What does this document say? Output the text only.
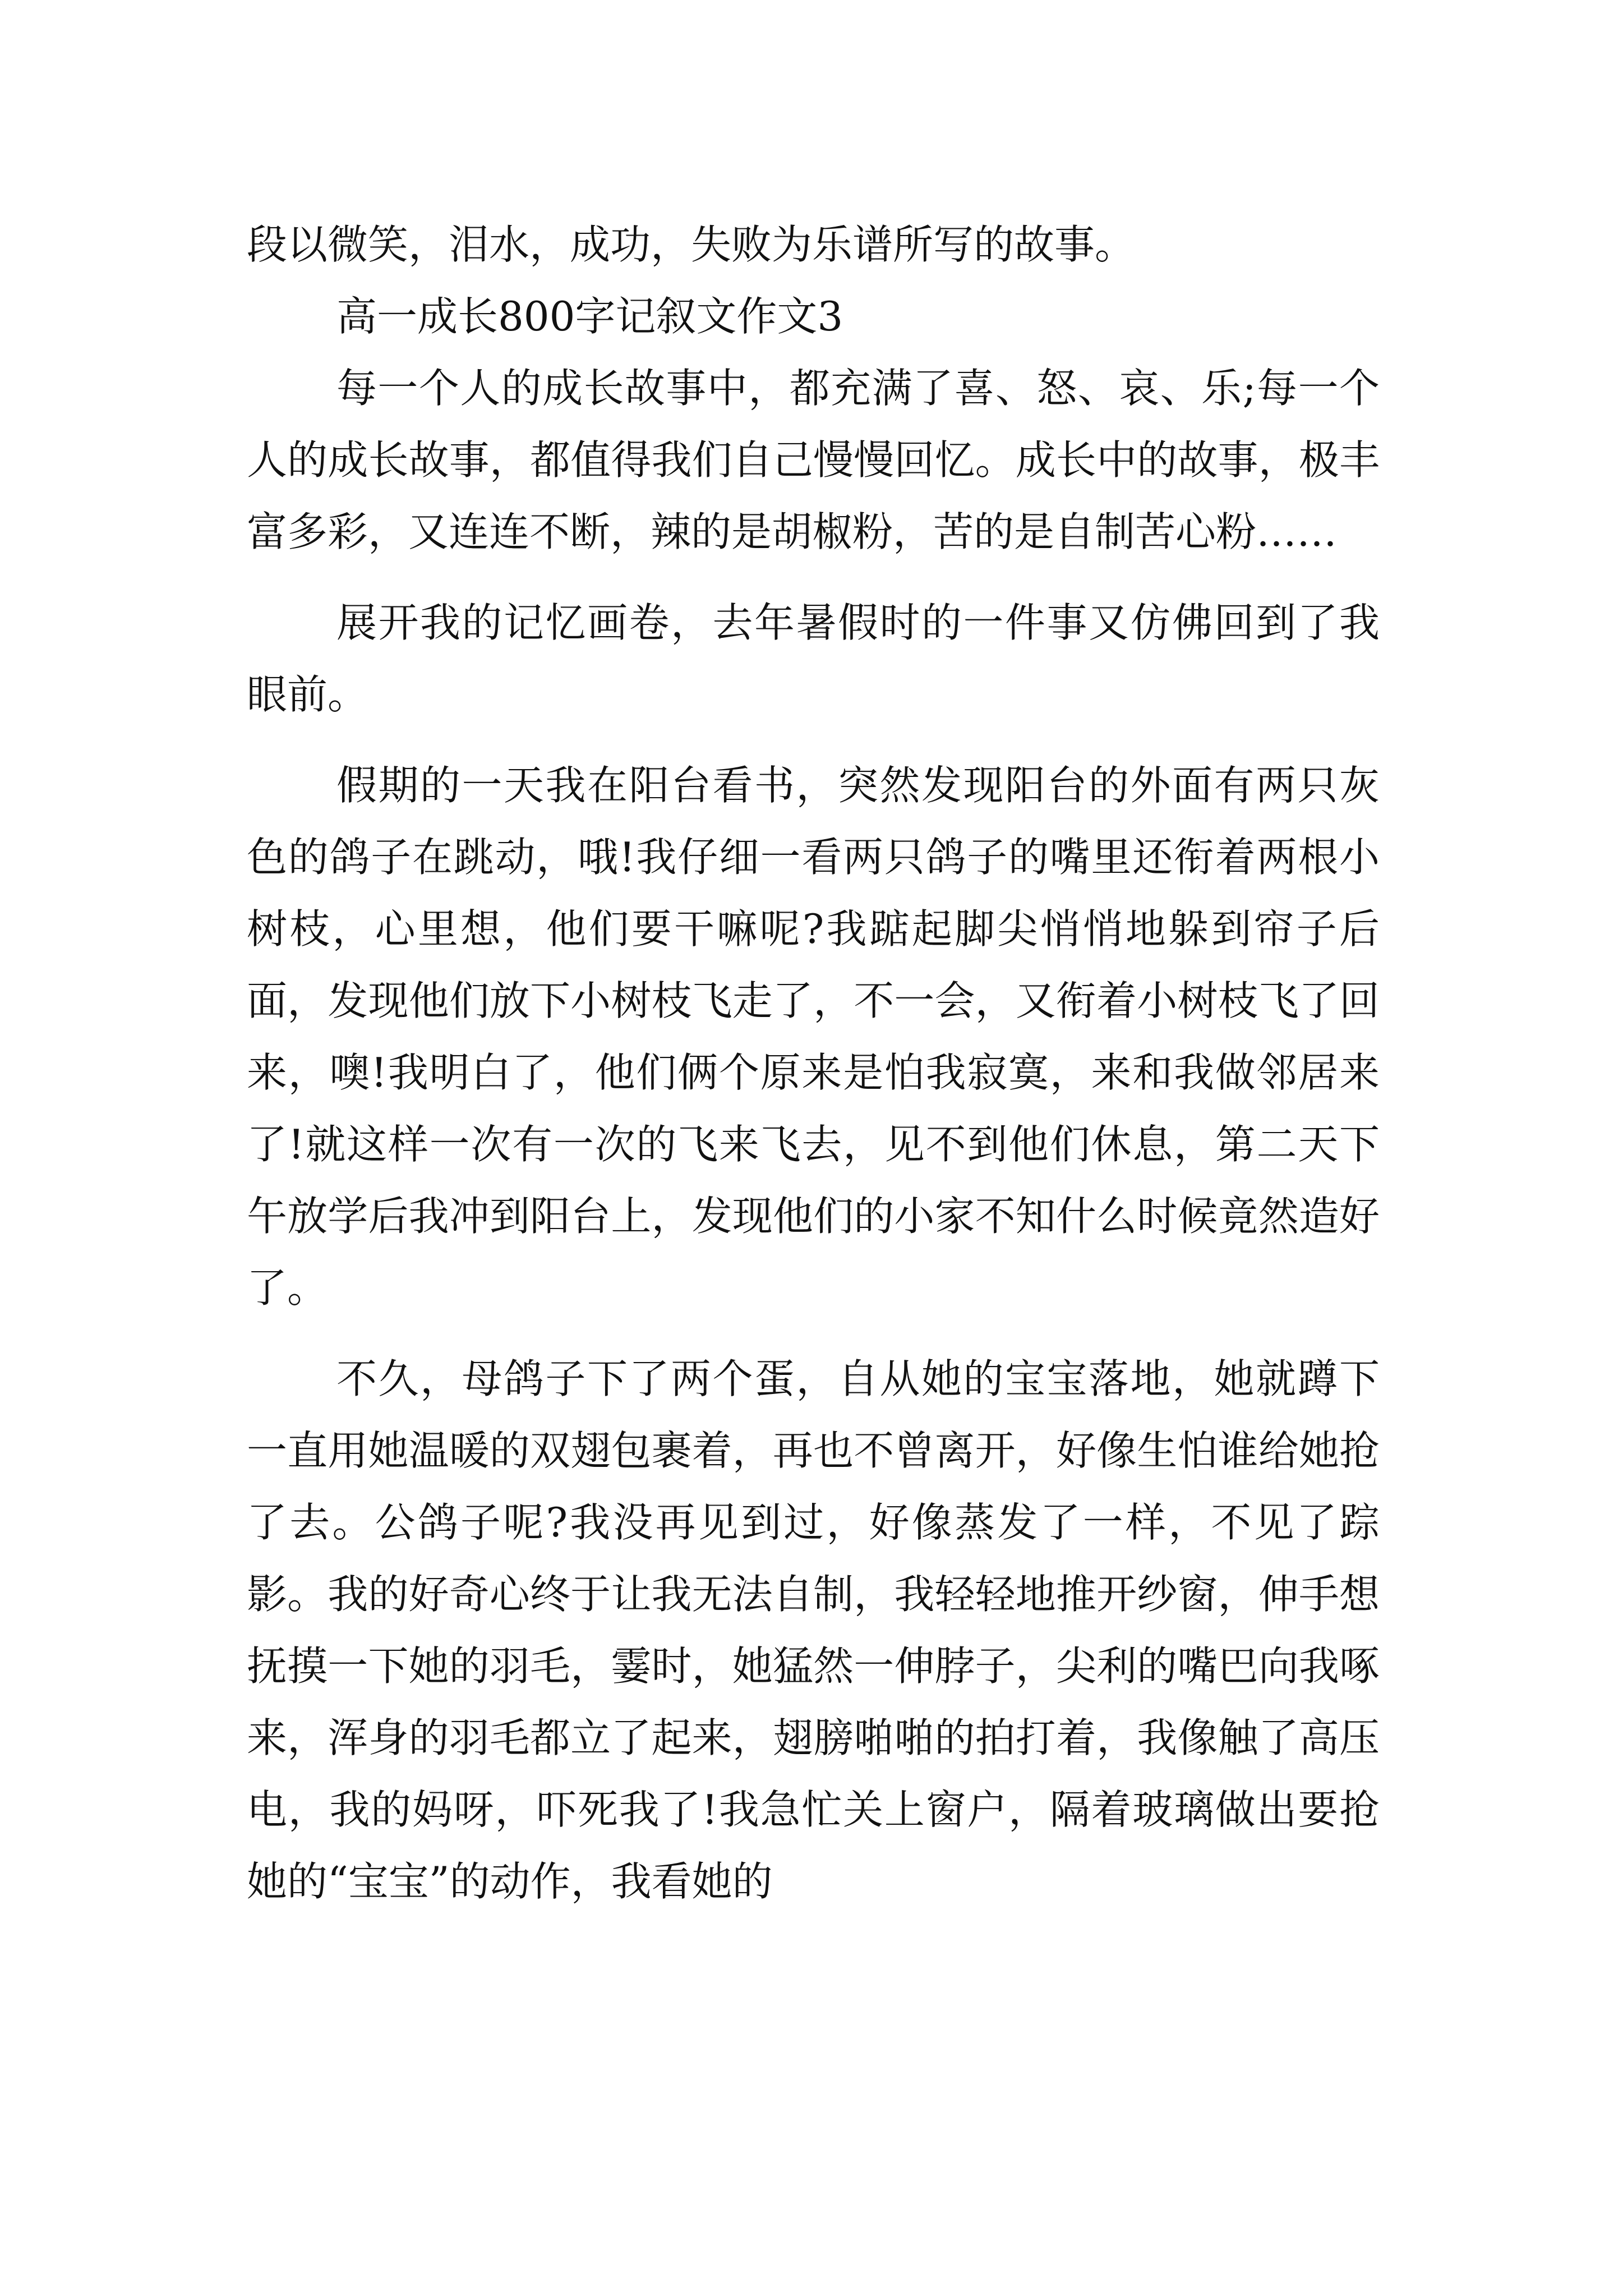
段以微笑，泪水，成功，失败为乐谱所写的故事。

高一成长800字记叙文作文3

每一个人的成长故事中，都充满了喜、怒、哀、乐;每一个人的成长故事，都值得我们自己慢慢回忆。成长中的故事，极丰富多彩，又连连不断，辣的是胡椒粉，苦的是自制苦心粉……

展开我的记忆画卷，去年暑假时的一件事又仿佛回到了我眼前。

假期的一天我在阳台看书，突然发现阳台的外面有两只灰色的鸽子在跳动，哦!我仔细一看两只鸽子的嘴里还衔着两根小树枝，心里想，他们要干嘛呢?我踮起脚尖悄悄地躲到帘子后面，发现他们放下小树枝飞走了，不一会，又衔着小树枝飞了回来，噢!我明白了，他们俩个原来是怕我寂寞，来和我做邻居来了!就这样一次有一次的飞来飞去，见不到他们休息，第二天下午放学后我冲到阳台上，发现他们的小家不知什么时候竟然造好了。

不久，母鸽子下了两个蛋，自从她的宝宝落地，她就蹲下一直用她温暖的双翅包裹着，再也不曾离开，好像生怕谁给她抢了去。公鸽子呢?我没再见到过，好像蒸发了一样，不见了踪影。我的好奇心终于让我无法自制，我轻轻地推开纱窗，伸手想抚摸一下她的羽毛，霎时，她猛然一伸脖子，尖利的嘴巴向我啄来，浑身的羽毛都立了起来，翅膀啪啪的拍打着，我像触了高压电，我的妈呀，吓死我了!我急忙关上窗户，隔着玻璃做出要抢她的“宝宝”的动作，我看她的
